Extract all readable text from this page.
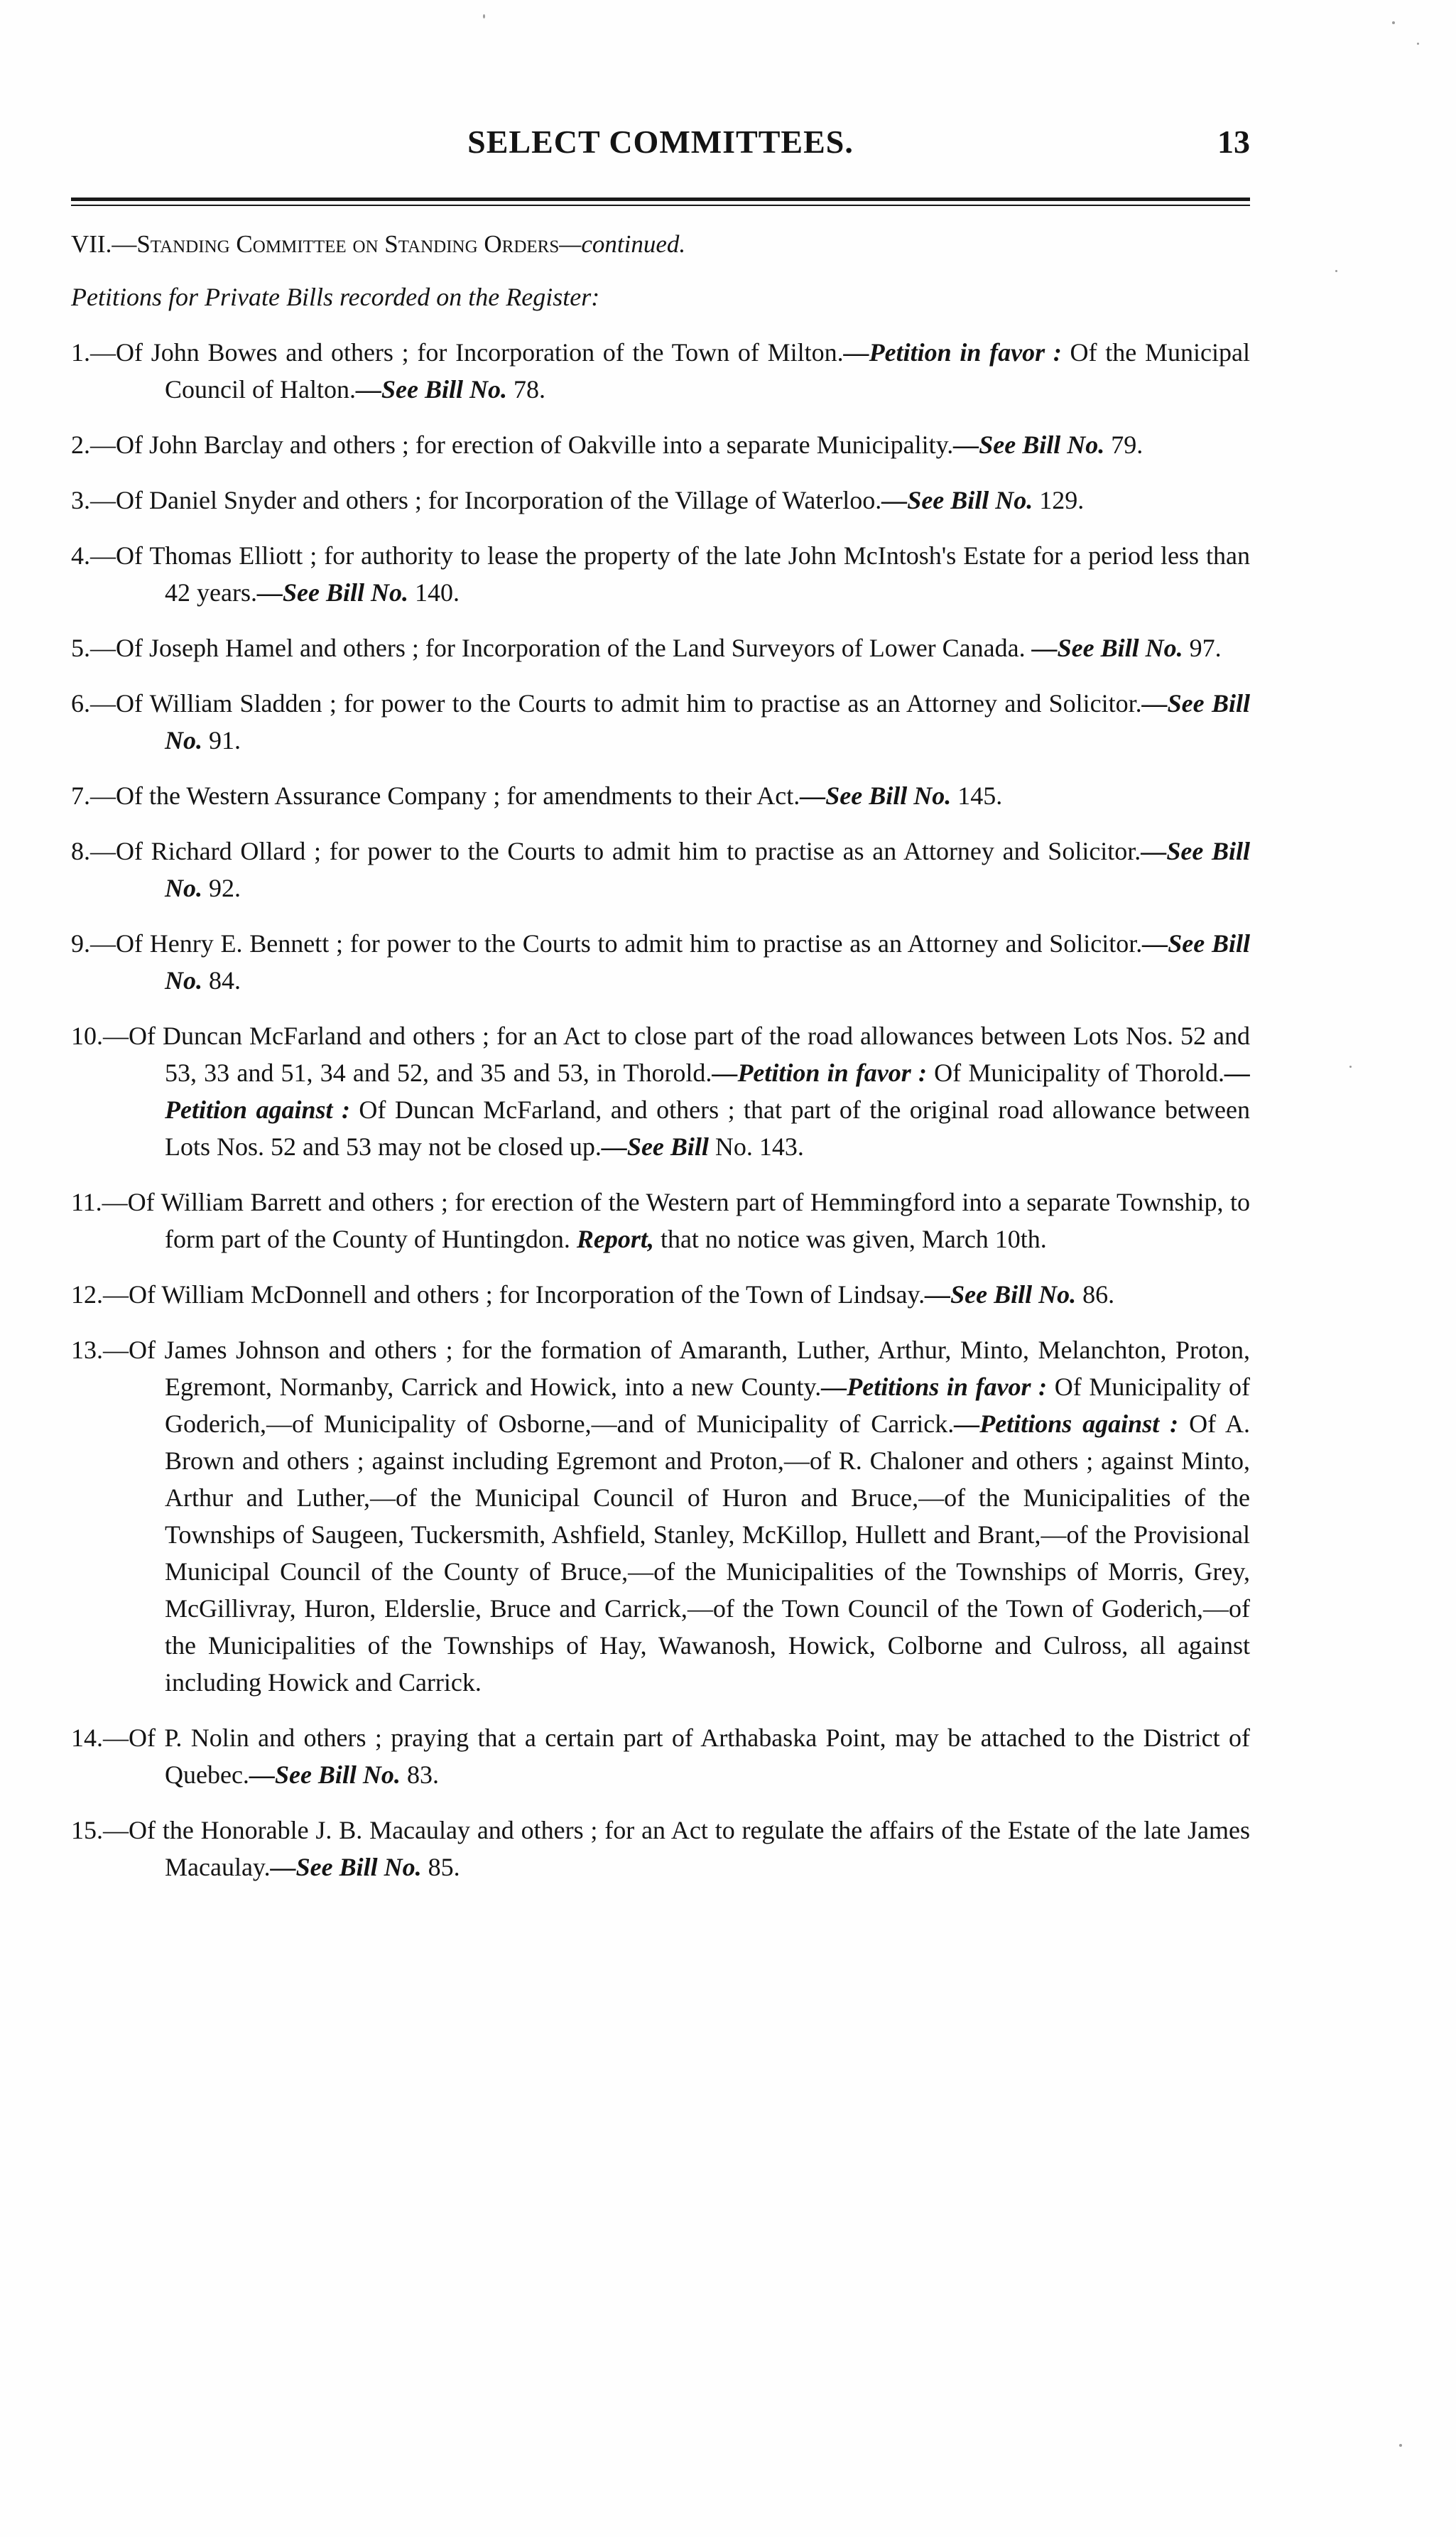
SELECT COMMITTEES.	13

VII.—Standing Committee on Standing Orders—continued.

Petitions for Private Bills recorded on the Register:

1.—Of John Bowes and others ; for Incorporation of the Town of Milton.—Petition in favor : Of the Municipal Council of Halton.—See Bill No. 78.

2.—Of John Barclay and others ; for erection of Oakville into a separate Municipality.—See Bill No. 79.

3.—Of Daniel Snyder and others ; for Incorporation of the Village of Waterloo.—See Bill No. 129.

4.—Of Thomas Elliott ; for authority to lease the property of the late John McIntosh's Estate for a period less than 42 years.—See Bill No. 140.

5.—Of Joseph Hamel and others ; for Incorporation of the Land Surveyors of Lower Canada. —See Bill No. 97.

6.—Of William Sladden ; for power to the Courts to admit him to practise as an Attorney and Solicitor.—See Bill No. 91.

7.—Of the Western Assurance Company ; for amendments to their Act.—See Bill No. 145.

8.—Of Richard Ollard ; for power to the Courts to admit him to practise as an Attorney and Solicitor.—See Bill No. 92.

9.—Of Henry E. Bennett ; for power to the Courts to admit him to practise as an Attorney and Solicitor.—See Bill No. 84.

10.—Of Duncan McFarland and others ; for an Act to close part of the road allowances between Lots Nos. 52 and 53, 33 and 51, 34 and 52, and 35 and 53, in Thorold.—Petition in favor : Of Municipality of Thorold.—Petition against : Of Duncan McFarland, and others ; that part of the original road allowance between Lots Nos. 52 and 53 may not be closed up.—See Bill No. 143.

11.—Of William Barrett and others ; for erection of the Western part of Hemmingford into a separate Township, to form part of the County of Huntingdon. Report, that no notice was given, March 10th.

12.—Of William McDonnell and others ; for Incorporation of the Town of Lindsay.—See Bill No. 86.

13.—Of James Johnson and others ; for the formation of Amaranth, Luther, Arthur, Minto, Melanchton, Proton, Egremont, Normanby, Carrick and Howick, into a new County.—Petitions in favor : Of Municipality of Goderich,—of Municipality of Osborne,—and of Municipality of Carrick.—Petitions against : Of A. Brown and others ; against including Egremont and Proton,—of R. Chaloner and others ; against Minto, Arthur and Luther,—of the Municipal Council of Huron and Bruce,—of the Municipalities of the Townships of Saugeen, Tuckersmith, Ashfield, Stanley, McKillop, Hullett and Brant,—of the Provisional Municipal Council of the County of Bruce,—of the Municipalities of the Townships of Morris, Grey, McGillivray, Huron, Elderslie, Bruce and Carrick,—of the Town Council of the Town of Goderich,—of the Municipalities of the Townships of Hay, Wawanosh, Howick, Colborne and Culross, all against including Howick and Carrick.

14.—Of P. Nolin and others ; praying that a certain part of Arthabaska Point, may be attached to the District of Quebec.—See Bill No. 83.

15.—Of the Honorable J. B. Macaulay and others ; for an Act to regulate the affairs of the Estate of the late James Macaulay.—See Bill No. 85.
